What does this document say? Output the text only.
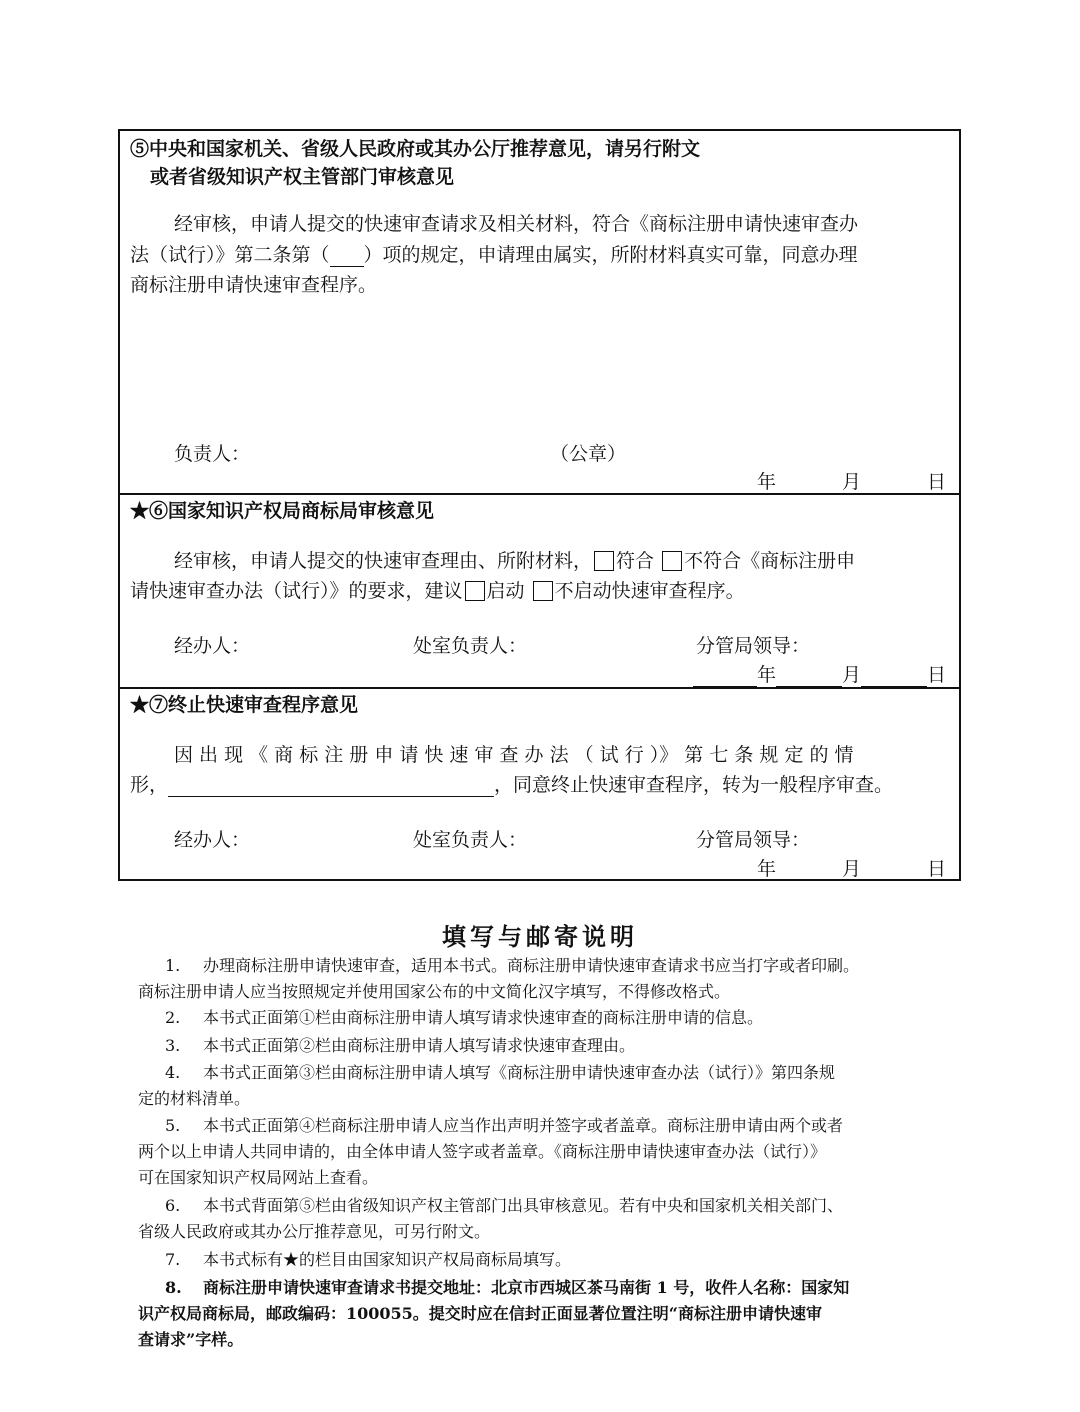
⑤中央和国家机关、省级人民政府或其办公厅推荐意见，请另行附文
或者省级知识产权主管部门审核意见
经审核，申请人提交的快速审查请求及相关材料，符合《商标注册申请快速审查办
法（试行）》第二条第（ ）项的规定，申请理由属实，所附材料真实可靠，同意办理
商标注册申请快速审查程序。
负责人：	（公章）
年	月	日
★⑥国家知识产权局商标局审核意见
经审核，申请人提交的快速审查理由、所附材料， 符合 不符合《商标注册申
请快速审查办法（试行）》的要求，建议 启动 不启动快速审查程序。
经办人：	处室负责人：	分管局领导：
年	月	日
★⑦终止快速审查程序意见
因 出 现 《 商 标 注 册 申 请 快 速 审 查 办 法 （ 试 行 ）》 第 七 条 规 定 的 情
形，	，同意终止快速审查程序，转为一般程序审查。
经办人：	处室负责人：	分管局领导：
年	月	日
填写与邮寄说明
1. 办理商标注册申请快速审查，适用本书式。商标注册申请快速审查请求书应当打字或者印刷。
商标注册申请人应当按照规定并使用国家公布的中文简化汉字填写，不得修改格式。
2. 本书式正面第①栏由商标注册申请人填写请求快速审查的商标注册申请的信息。
3. 本书式正面第②栏由商标注册申请人填写请求快速审查理由。
4. 本书式正面第③栏由商标注册申请人填写《商标注册申请快速审查办法（试行）》第四条规
定的材料清单。
5. 本书式正面第④栏商标注册申请人应当作出声明并签字或者盖章。商标注册申请由两个或者
两个以上申请人共同申请的，由全体申请人签字或者盖章。《商标注册申请快速审查办法（试行）》
可在国家知识产权局网站上查看。
6. 本书式背面第⑤栏由省级知识产权主管部门出具审核意见。若有中央和国家机关相关部门、
省级人民政府或其办公厅推荐意见，可另行附文。
7. 本书式标有★的栏目由国家知识产权局商标局填写。
8. 商标注册申请快速审查请求书提交地址：北京市西城区茶马南街 1 号，收件人名称：国家知
识产权局商标局，邮政编码：100055。提交时应在信封正面显著位置注明“商标注册申请快速审
查请求”字样。
